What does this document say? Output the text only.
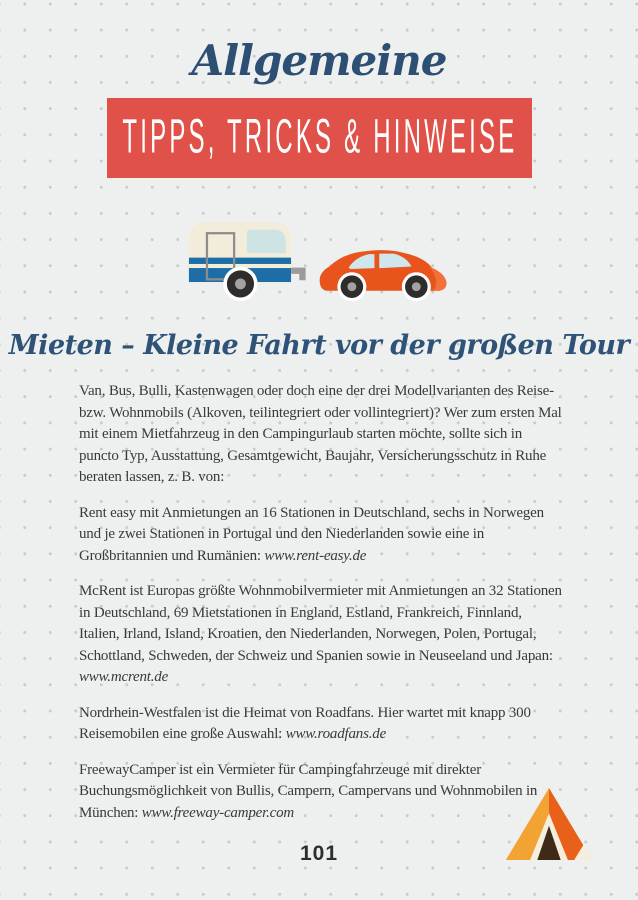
Allgemeine
TIPPS, TRICKS & HINWEISE
Mieten – Kleine Fahrt vor der großen Tour

Van, Bus, Bulli, Kastenwagen oder doch eine der drei Modellvarianten des Reise- bzw. Wohnmobils (Alkoven, teilintegriert oder vollintegriert)? Wer zum ersten Mal mit einem Mietfahrzeug in den Campingurlaub starten möchte, sollte sich in puncto Typ, Ausstattung, Gesamtgewicht, Baujahr, Versicherungsschutz in Ruhe beraten lassen, z. B. von:

Rent easy mit Anmietungen an 16 Stationen in Deutschland, sechs in Norwegen und je zwei Stationen in Portugal und den Niederlanden sowie eine in Großbritannien und Rumänien: www.rent-easy.de

McRent ist Europas größte Wohnmobilvermieter mit Anmietungen an 32 Stationen in Deutschland, 69 Mietstationen in England, Estland, Frankreich, Finnland, Italien, Irland, Island, Kroatien, den Niederlanden, Norwegen, Polen, Portugal, Schottland, Schweden, der Schweiz und Spanien sowie in Neuseeland und Japan: www.mcrent.de

Nordrhein-Westfalen ist die Heimat von Roadfans. Hier wartet mit knapp 300 Reisemobilen eine große Auswahl: www.roadfans.de

FreewayCamper ist ein Vermieter für Campingfahrzeuge mit direkter Buchungsmöglichkeit von Bullis, Campern, Campervans und Wohnmobilen in München: www.freeway-camper.com

101
